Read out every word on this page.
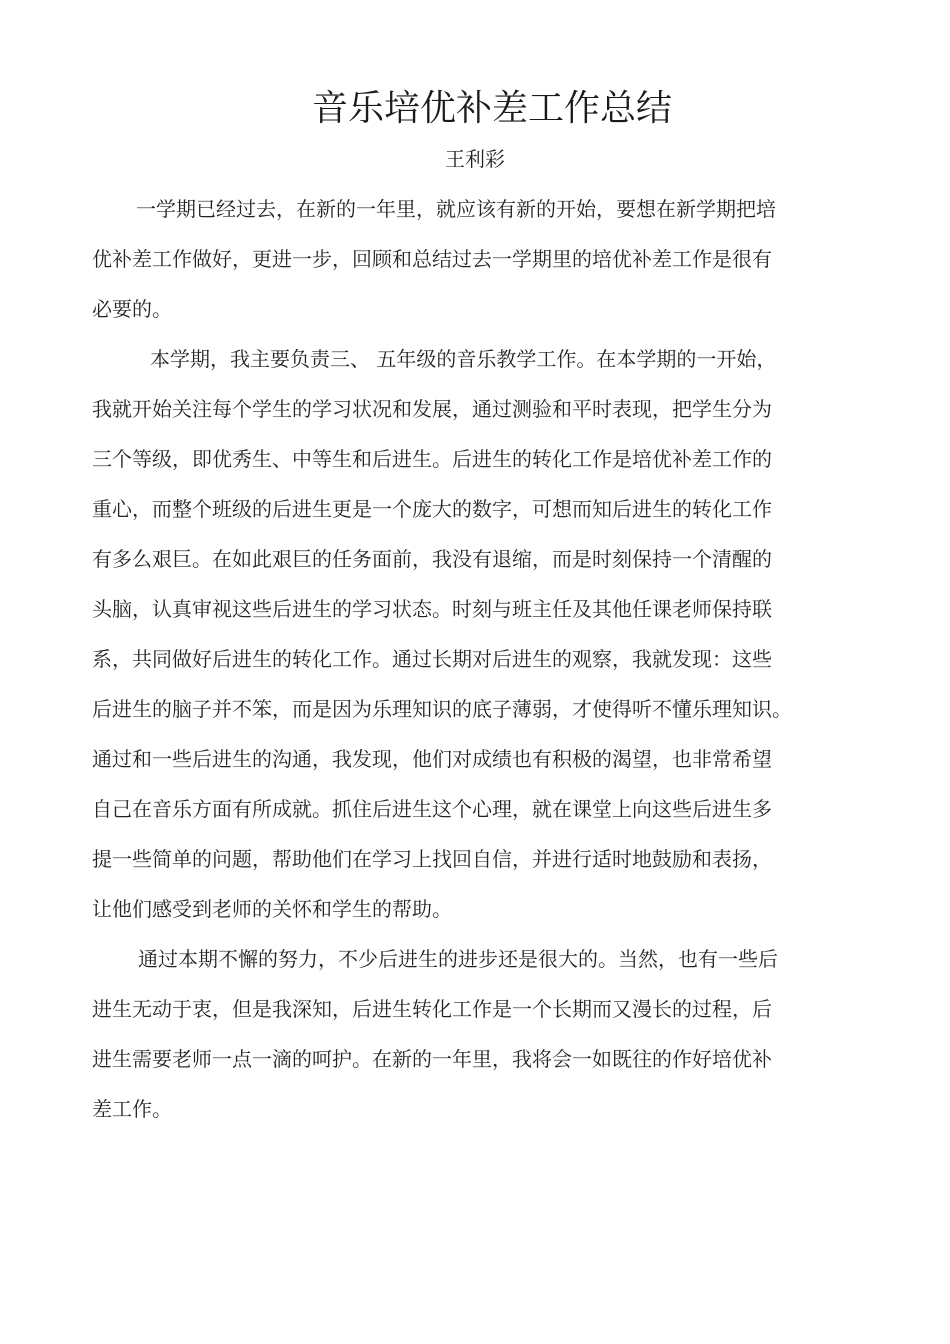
音乐培优补差工作总结
王利彩
一学期已经过去，在新的一年里，就应该有新的开始，要想在新学期把培
优补差工作做好，更进一步，回顾和总结过去一学期里的培优补差工作是很有
必要的。
本学期，我主要负责三、 五年级的音乐教学工作。在本学期的一开始，
我就开始关注每个学生的学习状况和发展，通过测验和平时表现，把学生分为
三个等级，即优秀生、中等生和后进生。后进生的转化工作是培优补差工作的
重心，而整个班级的后进生更是一个庞大的数字，可想而知后进生的转化工作
有多么艰巨。在如此艰巨的任务面前，我没有退缩，而是时刻保持一个清醒的
头脑，认真审视这些后进生的学习状态。时刻与班主任及其他任课老师保持联
系，共同做好后进生的转化工作。通过长期对后进生的观察，我就发现：这些
后进生的脑子并不笨，而是因为乐理知识的底子薄弱，才使得听不懂乐理知识。
通过和一些后进生的沟通，我发现，他们对成绩也有积极的渴望，也非常希望
自己在音乐方面有所成就。抓住后进生这个心理，就在课堂上向这些后进生多
提一些简单的问题，帮助他们在学习上找回自信，并进行适时地鼓励和表扬，
让他们感受到老师的关怀和学生的帮助。
通过本期不懈的努力，不少后进生的进步还是很大的。当然，也有一些后
进生无动于衷，但是我深知，后进生转化工作是一个长期而又漫长的过程，后
进生需要老师一点一滴的呵护。在新的一年里，我将会一如既往的作好培优补
差工作。
